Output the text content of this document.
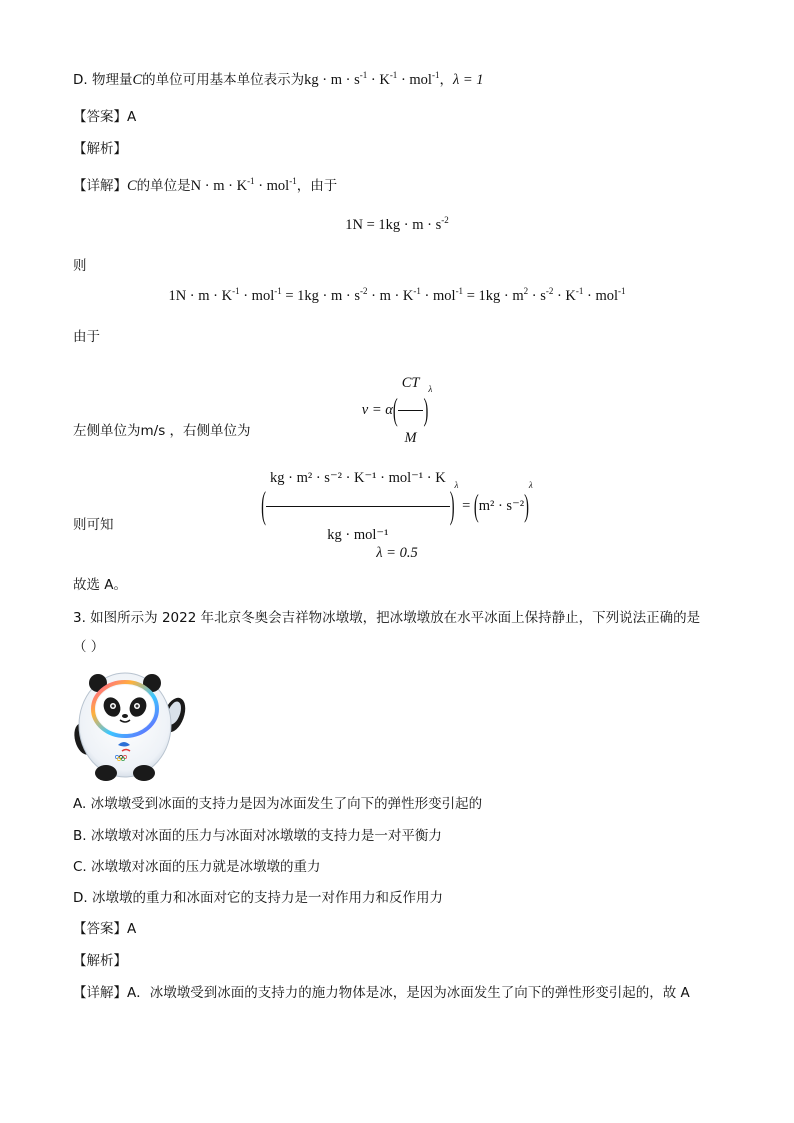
D. 物理量C的单位可用基本单位表示为kg · $m \cdot s^{-1} \cdot K^{-1} \cdot mol^{-1}$，λ = 1
【答案】A
【解析】
【详解】C的单位是$N \cdot m \cdot K^{-1} \cdot mol^{-1}$，由于
$1N = 1kg \cdot m \cdot s^{-2}$
则
$1N \cdot m \cdot K^{-1} \cdot mol^{-1} = 1kg \cdot m \cdot s^{-2} \cdot m \cdot K^{-1} \cdot mol^{-1} = 1kg \cdot m^2 \cdot s^{-2} \cdot K^{-1} \cdot mol^{-1}$
由于
$v = \alpha( \frac{CT}{M} )\lambda$
左侧单位为m/s ，右侧单位为
( $\frac{\text{kg · m² · s⁻² · K⁻¹ · mol⁻¹ · K}}{\text{kg · mol⁻¹}} )\lambda = (m^2 \cdot s^{-2})\lambda$
则可知
λ = 0.5
故选 A。
3. 如图所示为 2022 年北京冬奥会吉祥物冰墩墩，把冰墩墩放在水平冰面上保持静止，下列说法正确的是
（ ）
A. 冰墩墩受到冰面的支持力是因为冰面发生了向下的弹性形变引起的
B. 冰墩墩对冰面的压力与冰面对冰墩墩的支持力是一对平衡力
C. 冰墩墩对冰面的压力就是冰墩墩的重力
D. 冰墩墩的重力和冰面对它的支持力是一对作用力和反作用力
【答案】A
【解析】
【详解】A．冰墩墩受到冰面的支持力的施力物体是冰，是因为冰面发生了向下的弹性形变引起的，故 A
